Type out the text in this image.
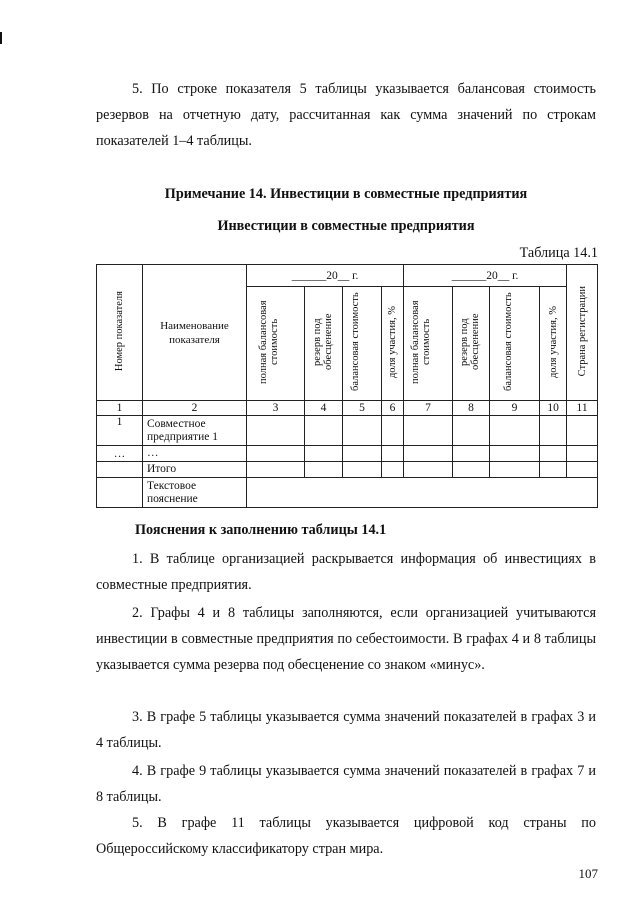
5. По строке показателя 5 таблицы указывается балансовая стоимость резервов на отчетную дату, рассчитанная как сумма значений по строкам показателей 1–4 таблицы.

Примечание 14. Инвестиции в совместные предприятия
Инвестиции в совместные предприятия
Таблица 14.1
Номер показателя	Наименование показателя	______20__ г.				______20__ г.				Страна регистрации
		полная балансовая стоимость	резерв под обесценение	балансовая стоимость	доля участия, %	полная балансовая стоимость	резерв под обесценение	балансовая стоимость	доля участия, %	
1	2	3	4	5	6	7	8	9	10	11
1	Совместное предприятие 1									
…	…									
	Итого									
	Текстовое пояснение									
Пояснения к заполнению таблицы 14.1

1. В таблице организацией раскрывается информация об инвестициях в совместные предприятия.

2. Графы 4 и 8 таблицы заполняются, если организацией учитываются инвестиции в совместные предприятия по себестоимости. В графах 4 и 8 таблицы указывается сумма резерва под обесценение со знаком «минус».

3. В графе 5 таблицы указывается сумма значений показателей в графах 3 и 4 таблицы.

4. В графе 9 таблицы указывается сумма значений показателей в графах 7 и 8 таблицы.

5. В графе 11 таблицы указывается цифровой код страны по Общероссийскому классификатору стран мира.

107
